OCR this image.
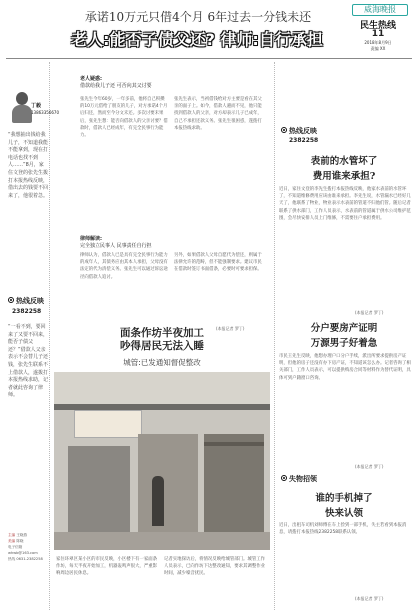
承诺10万元只借4个月 6年过去一分钱未还
老人:能否子债父还? 律师:自行承担
威海晚报
民生热线
11
2018年8月9日
责编 XX
丁毅
13863356670
“我想抽出钱给我儿子，不知道我能不能拿到，现在打电话也找不到人……”8月，家住文登的张先生拨打本报热线反映，借出去的钱要不回来了，他很着急。
热线反映
2382258
“一看不到，要回来了又要不回来，能否子债父还？”借款人父亲表示不会替儿子还钱，张先生联系不上借款人，遂拨打本报热线求助，记者就此咨询了律师。
主编 王晓燕
美编 陈晓
电子信箱 whwb@163.com
热线 0631-2382258
老人疑惑:
借款给我儿子还 可否向其父讨要
张先生今年60岁，一年多前，他将自己积攒的10万元借给了朋友的儿子，对方承诺4个月后归还，然而至今分文未还。多次讨要未果后，张先生想：能否向借款人的父亲讨要？借款时，借款人已经成年，有完全民事行为能力。
张先生表示，当初借钱给对方主要是看在其父亲的面子上。如今，借款人避而不见，他只能找到借款人的父亲，对方却表示儿子已成年，自己不承担还款义务。张先生很困惑，遂拨打本报热线求助。
律师解读:
完全独立民事人 民事责任自行担
律师认为，借款人已是具有完全民事行为能力的成年人，其债务应由其本人承担，父母没有法定的代为清偿义务。张先生可以通过诉讼途径向借款人追讨。
另外，如果借款人父母自愿代为偿还，则属于法律允许的范畴，但不能强制要求。建议市民在借款时签订书面借条，必要时可要求担保。
(本报记者 罗丁)
面条作坊半夜加工
吵得居民无法入睡
城管:已发通知督促整改
家住环翠区某小区的市民反映，小区楼下有一家面条作坊，每天半夜开始加工，机器轰鸣声很大，严重影响周边居民休息。
记者实地探访后，将情况反映给城管部门。城管工作人员表示，已向作坊下达整改通知，要求其调整作业时间，减少噪音扰民。
热线反映
2382258
表前的水管坏了
费用谁来承担?
近日，家住文登的李先生拨打本报热线反映，他家水表前的水管坏了，不知道维修费用应该由谁来承担。李先生说，水管漏水已经好几天了，他联系了物业，物业表示水表前的管道不归他们管。随后记者联系了供水部门，工作人员表示，水表前的管道属于供水公司维护范围，会尽快安排人员上门维修，不需要住户承担费用。
(本报记者 罗丁)
分户要房产证明
万源男子好着急
市民王先生反映，他想办理户口分户手续，派出所要求提供房产证明，但他的房子还没有办下房产证，不知道该怎么办。记者咨询了相关部门，工作人员表示，可以提供购房合同等材料作为替代证明，具体可到户籍窗口咨询。
(本报记者 罗丁)
失物招领
谁的手机掉了
快来认领
近日，出租车司机刘师傅在车上捡到一部手机，失主若看到本报消息，请拨打本报热线2382258联系认领。
(本报记者 罗丁)
